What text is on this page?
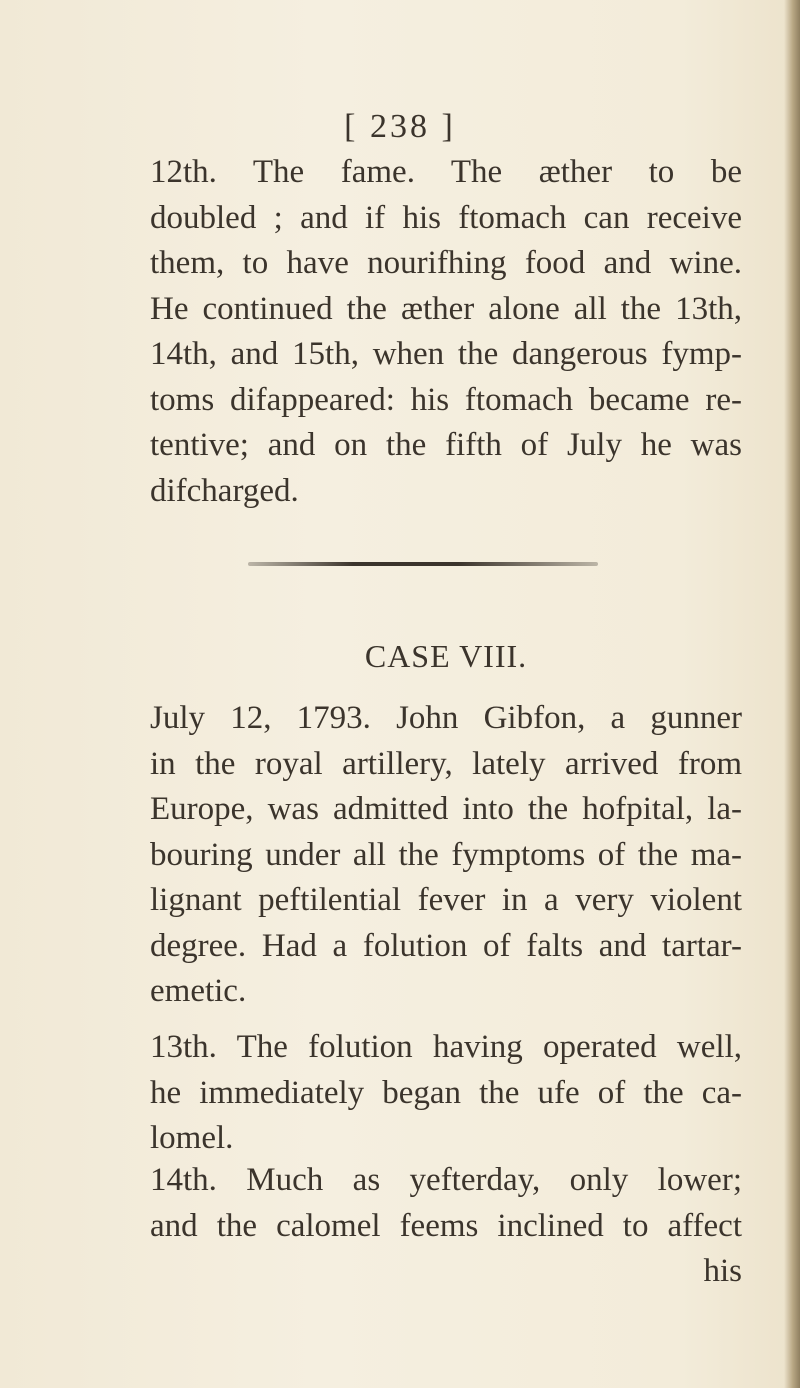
[ 238 ]
12th. The fame. The æther to be
doubled ; and if his ftomach can receive
them, to have nourifhing food and wine.
He continued the æther alone all the 13th,
14th, and 15th, when the dangerous fymp-
toms difappeared: his ftomach became re-
tentive; and on the fifth of July he was
difcharged.
CASE VIII.
July 12, 1793. John Gibfon, a gunner
in the royal artillery, lately arrived from
Europe, was admitted into the hofpital, la-
bouring under all the fymptoms of the ma-
lignant peftilential fever in a very violent
degree. Had a folution of falts and tartar-
emetic.
13th. The folution having operated well,
he immediately began the ufe of the ca-
lomel.
14th. Much as yefterday, only lower;
and the calomel feems inclined to affect
his
